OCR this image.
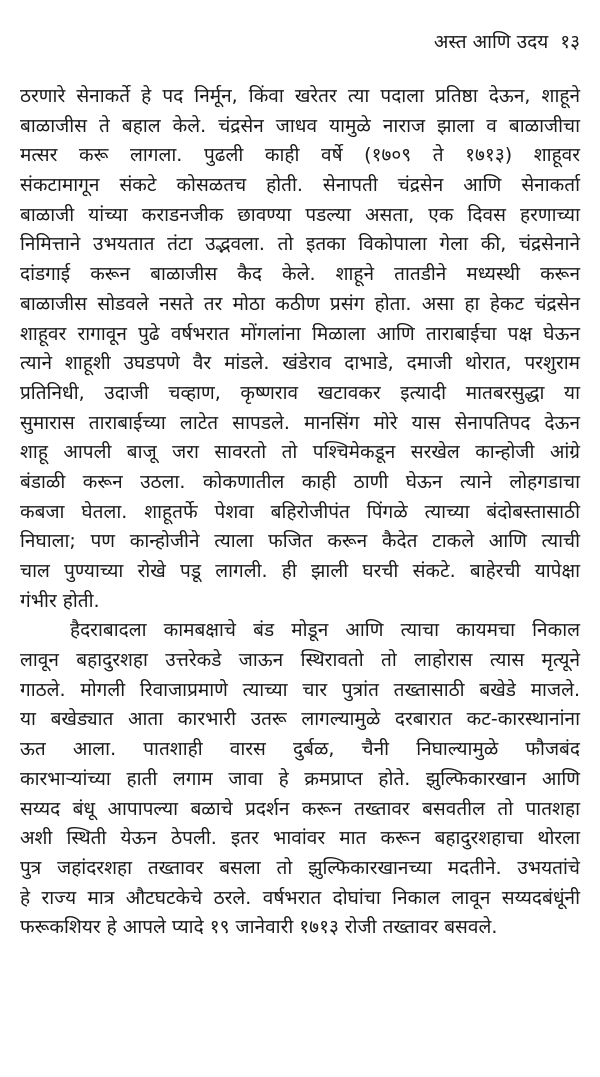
अस्त आणि उदय १३
ठरणारे सेनाकर्ते हे पद निर्मून, किंवा खरेतर त्या पदाला प्रतिष्ठा देऊन, शाहूने
बाळाजीस ते बहाल केले. चंद्रसेन जाधव यामुळे नाराज झाला व बाळाजीचा
मत्सर करू लागला. पुढली काही वर्षे (१७०९ ते १७१३) शाहूवर
संकटामागून संकटे कोसळतच होती. सेनापती चंद्रसेन आणि सेनाकर्ता
बाळाजी यांच्या कराडनजीक छावण्या पडल्या असता, एक दिवस हरणाच्या
निमित्ताने उभयतात तंटा उद्भवला. तो इतका विकोपाला गेला की, चंद्रसेनाने
दांडगाई करून बाळाजीस कैद केले. शाहूने तातडीने मध्यस्थी करून
बाळाजीस सोडवले नसते तर मोठा कठीण प्रसंग होता. असा हा हेकट चंद्रसेन
शाहूवर रागावून पुढे वर्षभरात मोंगलांना मिळाला आणि ताराबाईचा पक्ष घेऊन
त्याने शाहूशी उघडपणे वैर मांडले. खंडेराव दाभाडे, दमाजी थोरात, परशुराम
प्रतिनिधी, उदाजी चव्हाण, कृष्णराव खटावकर इत्यादी मातबरसुद्धा या
सुमारास ताराबाईच्या लाटेत सापडले. मानसिंग मोरे यास सेनापतिपद देऊन
शाहू आपली बाजू जरा सावरतो तो पश्चिमेकडून सरखेल कान्होजी आंग्रे
बंडाळी करून उठला. कोकणातील काही ठाणी घेऊन त्याने लोहगडाचा
कबजा घेतला. शाहूतर्फे पेशवा बहिरोजीपंत पिंगळे त्याच्या बंदोबस्तासाठी
निघाला; पण कान्होजीने त्याला फजित करून कैदेत टाकले आणि त्याची
चाल पुण्याच्या रोखे पडू लागली. ही झाली घरची संकटे. बाहेरची यापेक्षा
गंभीर होती.
हैदराबादला कामबक्षाचे बंड मोडून आणि त्याचा कायमचा निकाल
लावून बहादुरशहा उत्तरेकडे जाऊन स्थिरावतो तो लाहोरास त्यास मृत्यूने
गाठले. मोगली रिवाजाप्रमाणे त्याच्या चार पुत्रांत तख्तासाठी बखेडे माजले.
या बखेड्यात आता कारभारी उतरू लागल्यामुळे दरबारात कट-कारस्थानांना
ऊत आला. पातशाही वारस दुर्बळ, चैनी निघाल्यामुळे फौजबंद
कारभाऱ्यांच्या हाती लगाम जावा हे क्रमप्राप्त होते. झुल्फिकारखान आणि
सय्यद बंधू आपापल्या बळाचे प्रदर्शन करून तख्तावर बसवतील तो पातशहा
अशी स्थिती येऊन ठेपली. इतर भावांवर मात करून बहादुरशहाचा थोरला
पुत्र जहांदरशहा तख्तावर बसला तो झुल्फिकारखानच्या मदतीने. उभयतांचे
हे राज्य मात्र औटघटकेचे ठरले. वर्षभरात दोघांचा निकाल लावून सय्यदबंधूंनी
फरूकशियर हे आपले प्यादे १९ जानेवारी १७१३ रोजी तख्तावर बसवले.
